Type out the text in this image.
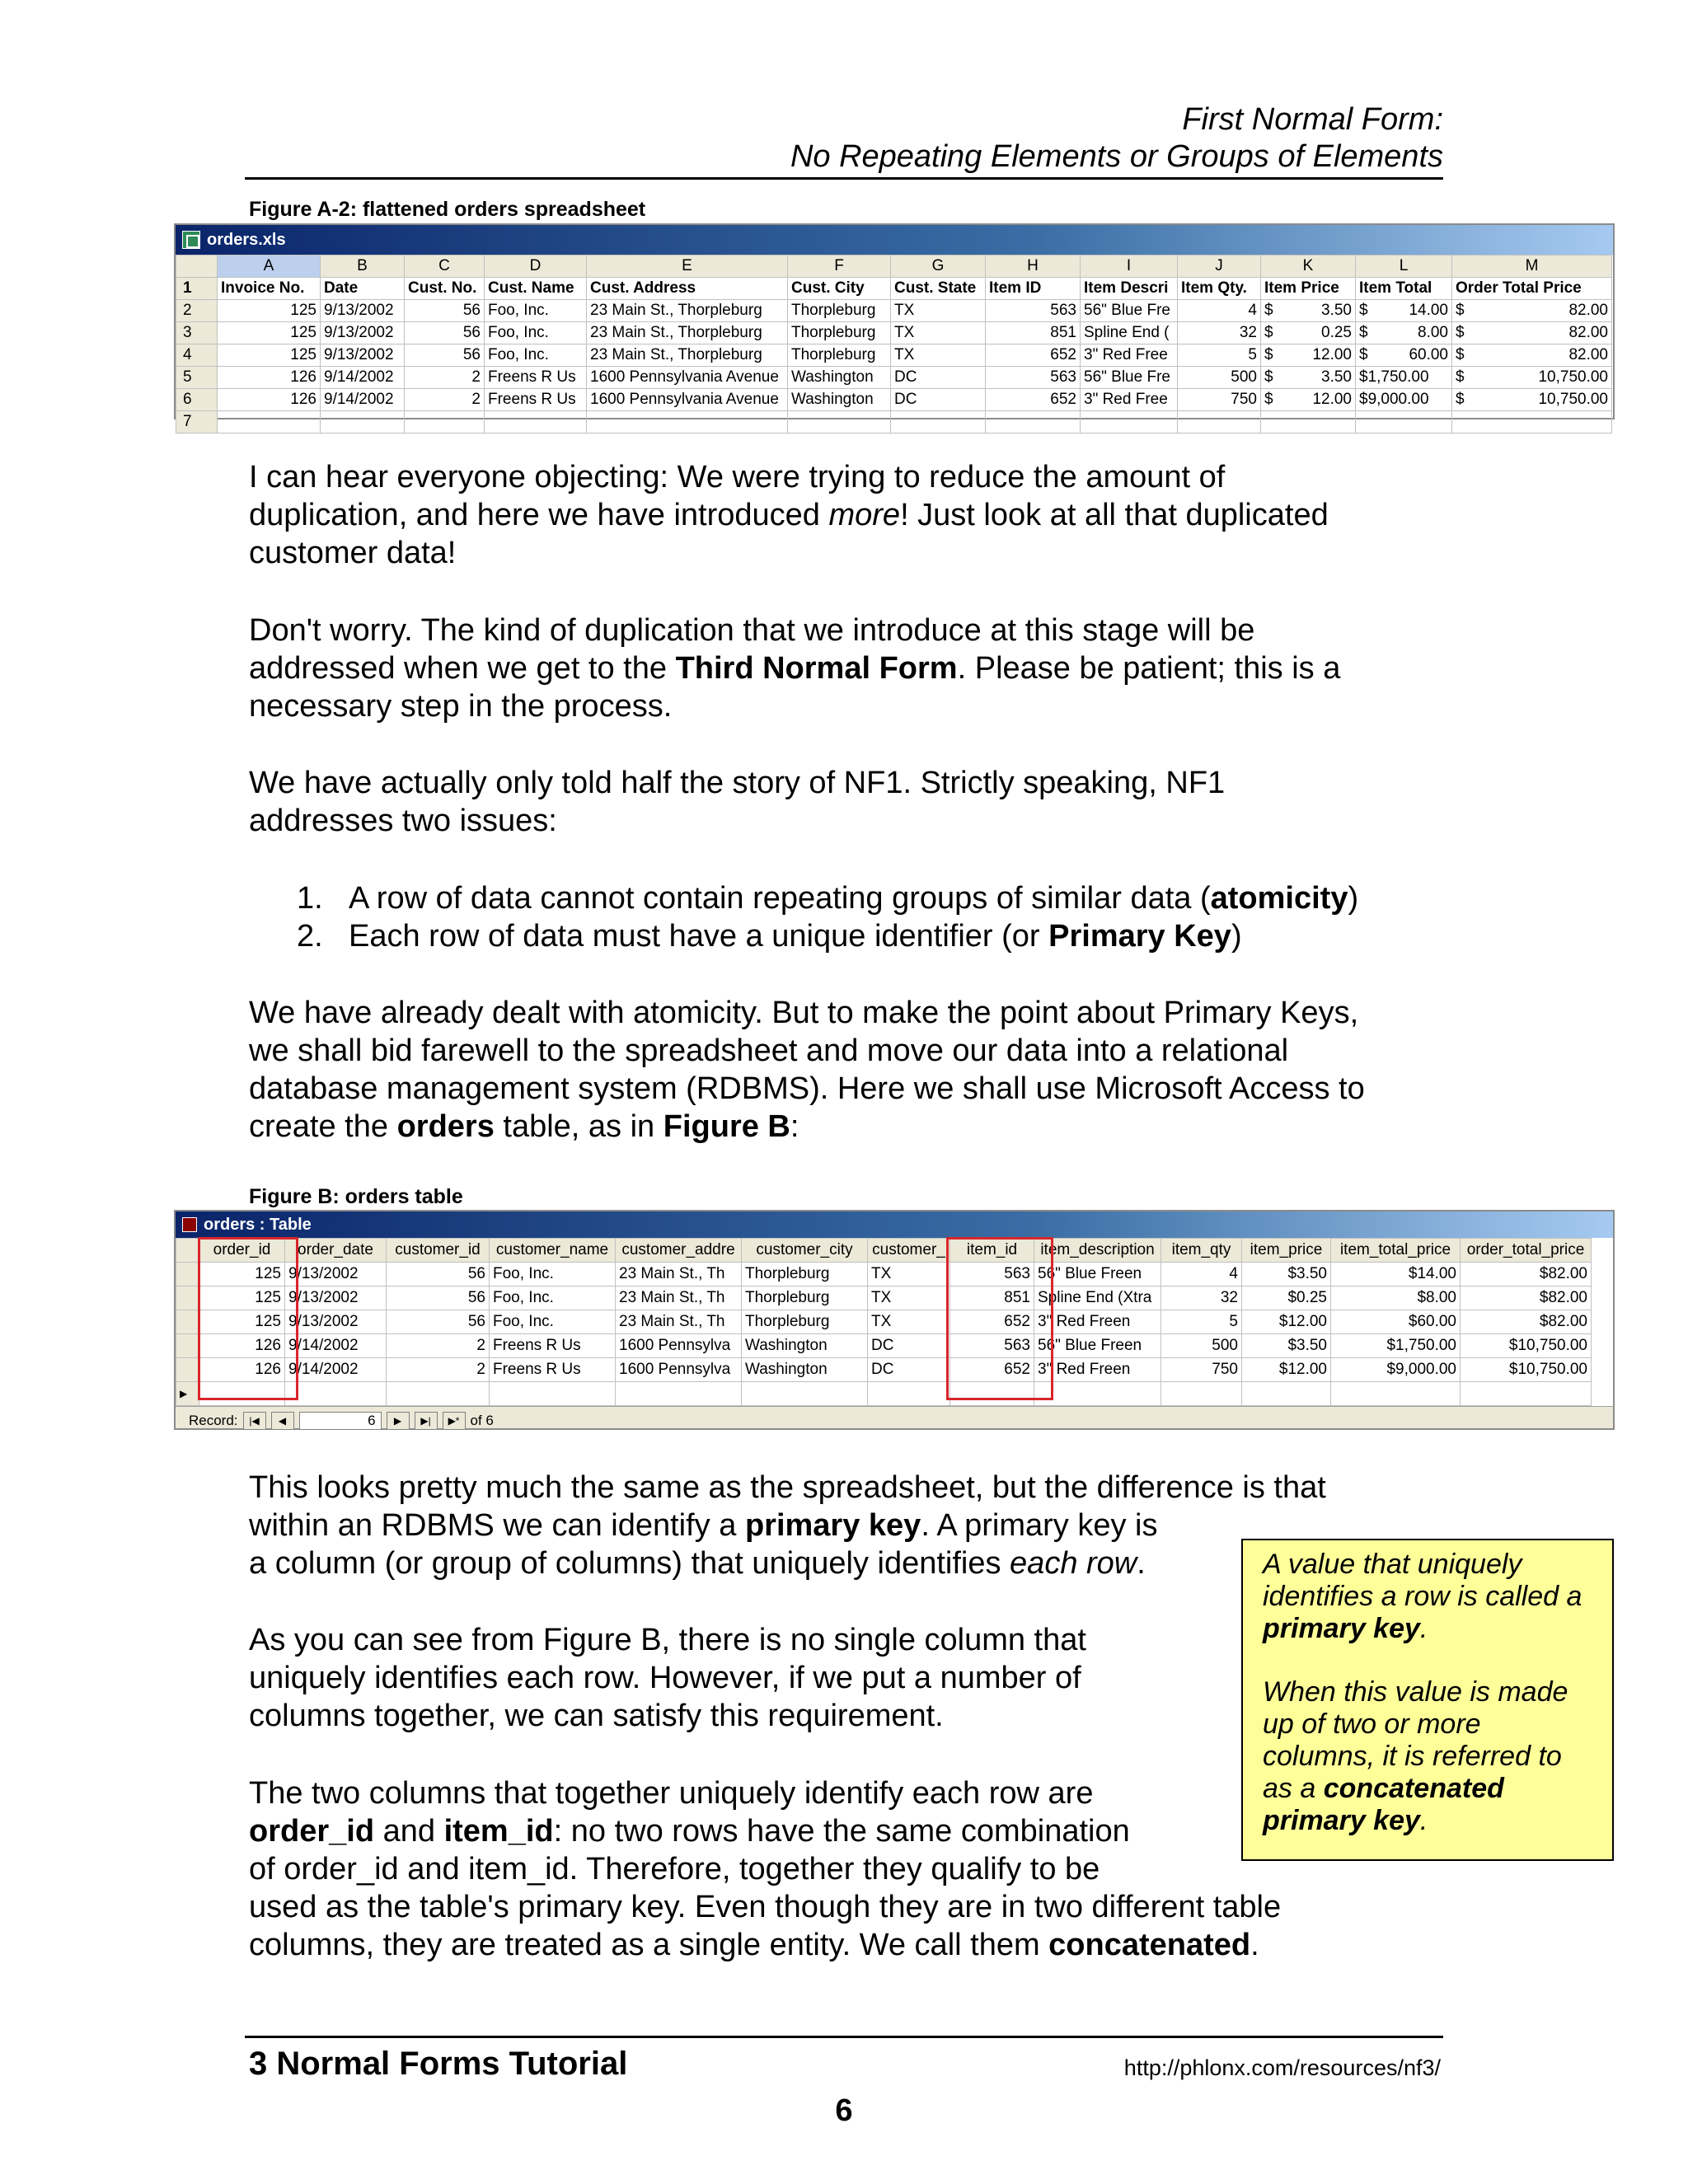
First Normal Form:
No Repeating Elements or Groups of Elements
Figure A-2: flattened orders spreadsheet
orders.xls
	A	B	C	D	E	F	G	H	I	J	K	L	M
1	Invoice No.	Date	Cust. No.	Cust. Name	Cust. Address	Cust. City	Cust. State	Item ID	Item Descri	Item Qty.	Item Price	Item Total	Order Total Price
2	125	9/13/2002	56	Foo, Inc.	23 Main St., Thorpleburg	Thorpleburg	TX	563	56" Blue Fre	4	$ 3.50	$ 14.00	$ 82.00

3	125	9/13/2002	56	Foo, Inc.	23 Main St., Thorpleburg	Thorpleburg	TX	851	Spline End (	32	$ 0.25	$ 8.00	$ 82.00

4	125	9/13/2002	56	Foo, Inc.	23 Main St., Thorpleburg	Thorpleburg	TX	652	3" Red Free	5	$ 12.00	$ 60.00	$ 82.00

5	126	9/14/2002	2	Freens R Us	1600 Pennsylvania Avenue	Washington	DC	563	56" Blue Fre	500	$ 3.50	$1,750.00	$ 10,750.00

6	126	9/14/2002	2	Freens R Us	1600 Pennsylvania Avenue	Washington	DC	652	3" Red Free	750	$ 12.00	$9,000.00	$ 10,750.00

7													
I can hear everyone objecting: We were trying to reduce the amount of
duplication, and here we have introduced more! Just look at all that duplicated
customer data!
Don't worry. The kind of duplication that we introduce at this stage will be
addressed when we get to the Third Normal Form. Please be patient; this is a
necessary step in the process.
We have actually only told half the story of NF1. Strictly speaking, NF1
addresses two issues:
1. A row of data cannot contain repeating groups of similar data (atomicity)
2. Each row of data must have a unique identifier (or Primary Key)
We have already dealt with atomicity. But to make the point about Primary Keys,
we shall bid farewell to the spreadsheet and move our data into a relational
database management system (RDBMS). Here we shall use Microsoft Access to
create the orders table, as in Figure B:
Figure B: orders table
orders : Table
	order_id	order_date	customer_id	customer_name	customer_addre	customer_city	customer_	item_id	item_description	item_qty	item_price	item_total_price	order_total_price
	125	9/13/2002	56	Foo, Inc.	23 Main St., Th	Thorpleburg	TX	563	56" Blue Freen	4	$3.50	$14.00	$82.00
	125	9/13/2002	56	Foo, Inc.	23 Main St., Th	Thorpleburg	TX	851	Spline End (Xtra	32	$0.25	$8.00	$82.00
	125	9/13/2002	56	Foo, Inc.	23 Main St., Th	Thorpleburg	TX	652	3" Red Freen	5	$12.00	$60.00	$82.00
	126	9/14/2002	2	Freens R Us	1600 Pennsylva	Washington	DC	563	56" Blue Freen	500	$3.50	$1,750.00	$10,750.00
	126	9/14/2002	2	Freens R Us	1600 Pennsylva	Washington	DC	652	3" Red Freen	750	$12.00	$9,000.00	$10,750.00
▶													
Record:	|◀	◀	6	▶	▶|	▶* of 6
This looks pretty much the same as the spreadsheet, but the difference is that
within an RDBMS we can identify a primary key. A primary key is
a column (or group of columns) that uniquely identifies each row.
As you can see from Figure B, there is no single column that
uniquely identifies each row. However, if we put a number of
columns together, we can satisfy this requirement.
The two columns that together uniquely identify each row are
order_id and item_id: no two rows have the same combination
of order_id and item_id. Therefore, together they qualify to be
used as the table's primary key. Even though they are in two different table
columns, they are treated as a single entity. We call them concatenated.
A value that uniquely identifies a row is called a primary key.
When this value is made up of two or more columns, it is referred to as a concatenated primary key.
3 Normal Forms Tutorial	http://phlonx.com/resources/nf3/
6
